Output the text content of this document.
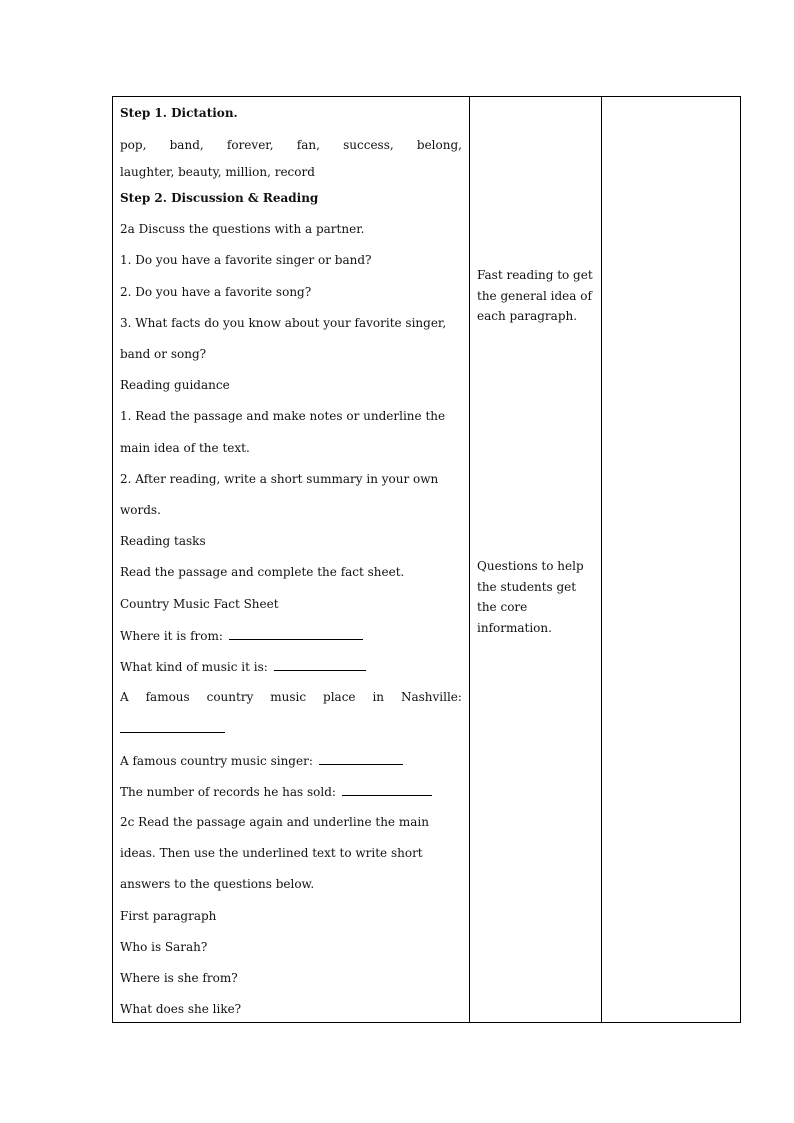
Step 1. Dictation.
pop, band, forever, fan, success, belong,
laughter, beauty, million, record
Step 2. Discussion & Reading
2a Discuss the questions with a partner.
1. Do you have a favorite singer or band?
2. Do you have a favorite song?
3. What facts do you know about your favorite singer,
band or song?
Reading guidance
1. Read the passage and make notes or underline the
main idea of the text.
2. After reading, write a short summary in your own
words.
Reading tasks
Read the passage and complete the fact sheet.
Country Music Fact Sheet
Where it is from:
What kind of music it is:
A famous country music place in Nashville:
A famous country music singer:
The number of records he has sold:
2c Read the passage again and underline the main
ideas. Then use the underlined text to write short
answers to the questions below.
First paragraph
Who is Sarah?
Where is she from?
What does she like?
Fast reading to get the general idea of each paragraph.
Questions to help the students get the core information.
